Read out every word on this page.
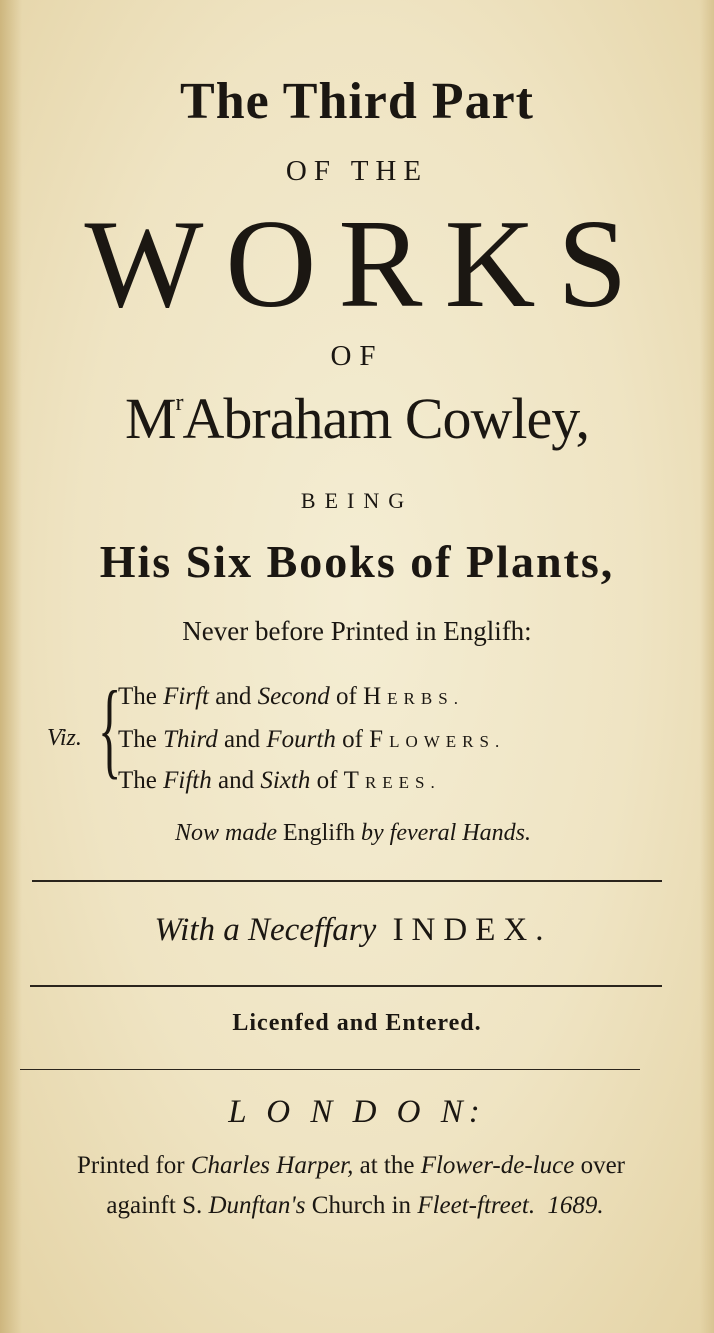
The Third Part
OF THE
WORKS
OF
$M^rAbraham$ Cowley,
BEING
His Six Books of Plants,
Never before Printed in Englifh:
{
Viz.
The Firft and Second of HERBS.
The Third and Fourth of FLOWERS.
The Fifth and Sixth of TREES.
Now made Englifh by feveral Hands.
With a Neceffary INDEX.
Licenfed and Entered.
L O N D O N:
Printed for Charles Harper, at the Flower-de-luce over
againft S. Dunftan's Church in Fleet-ftreet. 1689.
